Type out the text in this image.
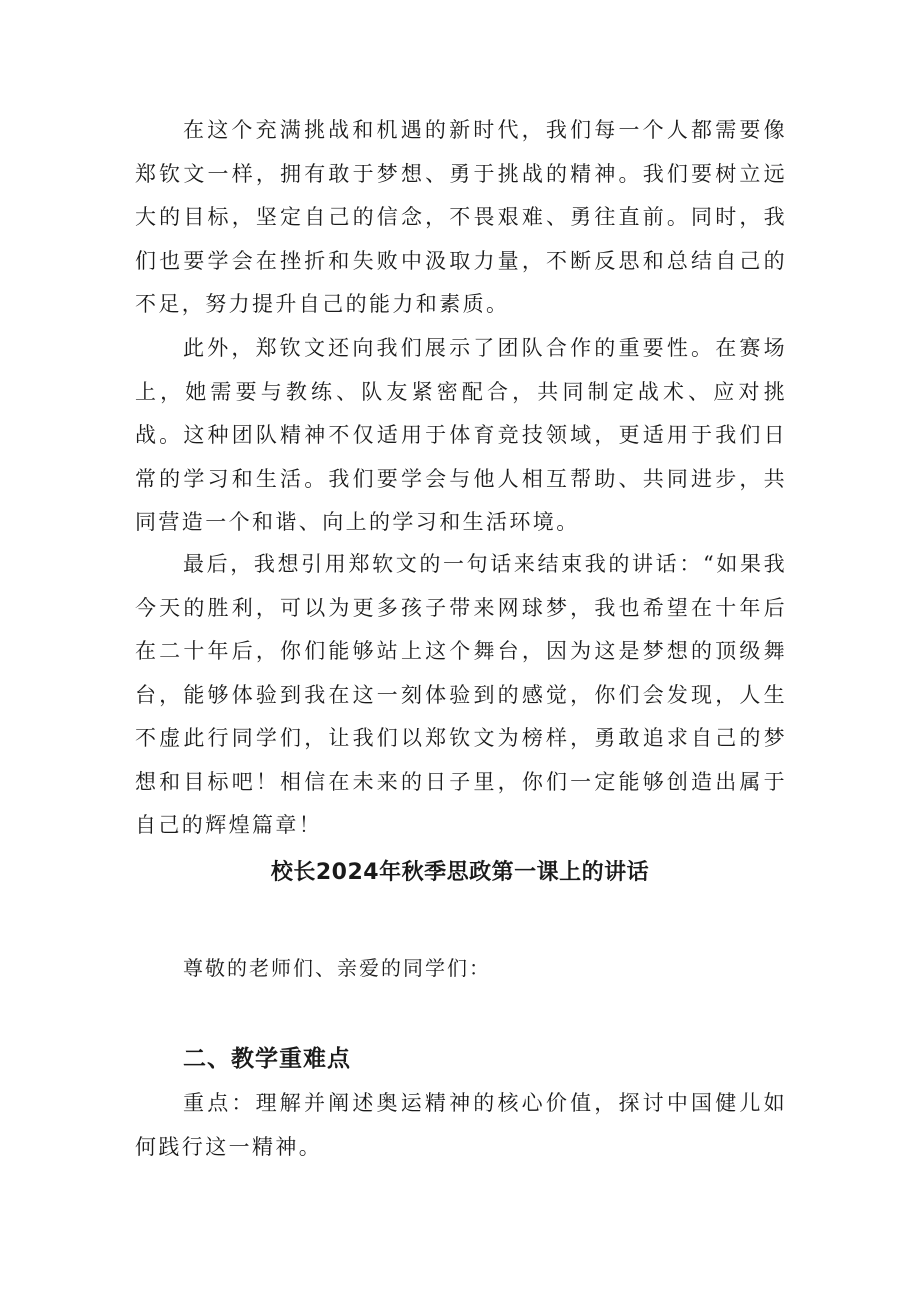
在这个充满挑战和机遇的新时代，我们每一个人都需要像郑钦文一样，拥有敢于梦想、勇于挑战的精神。我们要树立远大的目标，坚定自己的信念，不畏艰难、勇往直前。同时，我们也要学会在挫折和失败中汲取力量，不断反思和总结自己的不足，努力提升自己的能力和素质。

此外，郑钦文还向我们展示了团队合作的重要性。在赛场上，她需要与教练、队友紧密配合，共同制定战术、应对挑战。这种团队精神不仅适用于体育竞技领域，更适用于我们日常的学习和生活。我们要学会与他人相互帮助、共同进步，共同营造一个和谐、向上的学习和生活环境。

最后，我想引用郑软文的一句话来结束我的讲话：“如果我今天的胜利，可以为更多孩子带来网球梦，我也希望在十年后在二十年后，你们能够站上这个舞台，因为这是梦想的顶级舞台，能够体验到我在这一刻体验到的感觉，你们会发现，人生不虚此行同学们，让我们以郑钦文为榜样，勇敢追求自己的梦想和目标吧！相信在未来的日子里，你们一定能够创造出属于自己的辉煌篇章！

校长2024年秋季思政第一课上的讲话

尊敬的老师们、亲爱的同学们：

二、教学重难点

重点：理解并阐述奥运精神的核心价值，探讨中国健儿如何践行这一精神。
